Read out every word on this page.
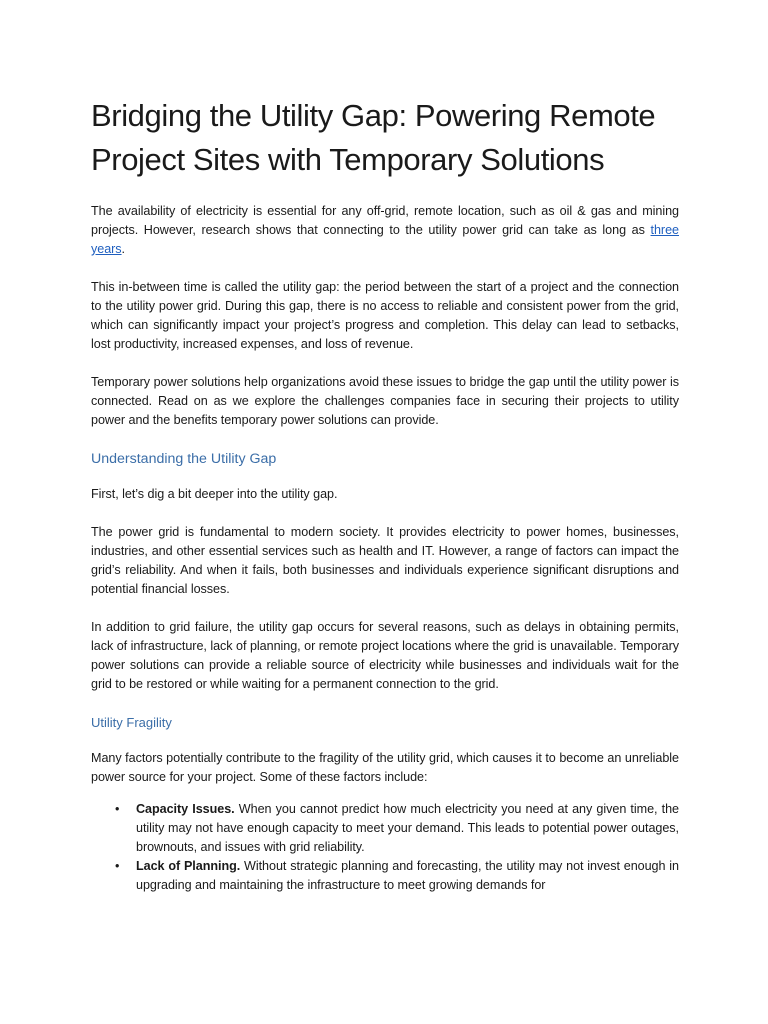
Bridging the Utility Gap: Powering Remote Project Sites with Temporary Solutions

The availability of electricity is essential for any off-grid, remote location, such as oil & gas and mining projects. However, research shows that connecting to the utility power grid can take as long as three years.

This in-between time is called the utility gap: the period between the start of a project and the connection to the utility power grid. During this gap, there is no access to reliable and consistent power from the grid, which can significantly impact your project’s progress and completion. This delay can lead to setbacks, lost productivity, increased expenses, and loss of revenue.

Temporary power solutions help organizations avoid these issues to bridge the gap until the utility power is connected. Read on as we explore the challenges companies face in securing their projects to utility power and the benefits temporary power solutions can provide.

Understanding the Utility Gap

First, let’s dig a bit deeper into the utility gap.

The power grid is fundamental to modern society. It provides electricity to power homes, businesses, industries, and other essential services such as health and IT. However, a range of factors can impact the grid’s reliability. And when it fails, both businesses and individuals experience significant disruptions and potential financial losses.

In addition to grid failure, the utility gap occurs for several reasons, such as delays in obtaining permits, lack of infrastructure, lack of planning, or remote project locations where the grid is unavailable. Temporary power solutions can provide a reliable source of electricity while businesses and individuals wait for the grid to be restored or while waiting for a permanent connection to the grid.

Utility Fragility

Many factors potentially contribute to the fragility of the utility grid, which causes it to become an unreliable power source for your project. Some of these factors include:

• Capacity Issues. When you cannot predict how much electricity you need at any given time, the utility may not have enough capacity to meet your demand. This leads to potential power outages, brownouts, and issues with grid reliability.
• Lack of Planning. Without strategic planning and forecasting, the utility may not invest enough in upgrading and maintaining the infrastructure to meet growing demands for
